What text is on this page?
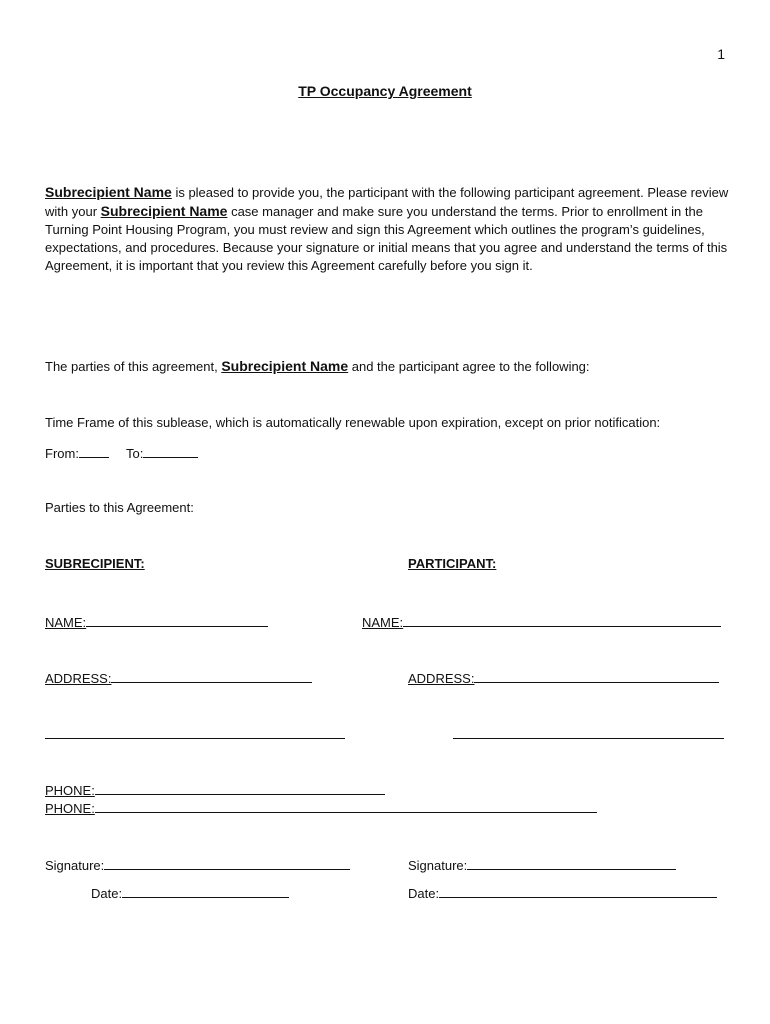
1
TP Occupancy Agreement

Subrecipient Name is pleased to provide you, the participant with the following participant agreement. Please review with your Subrecipient Name case manager and make sure you understand the terms. Prior to enrollment in the Turning Point Housing Program, you must review and sign this Agreement which outlines the program’s guidelines, expectations, and procedures. Because your signature or initial means that you agree and understand the terms of this Agreement, it is important that you review this Agreement carefully before you sign it.

The parties of this agreement, Subrecipient Name and the participant agree to the following:
Time Frame of this sublease, which is automatically renewable upon expiration, except on prior notification:
From:	To:
Parties to this Agreement:
SUBRECIPIENT:	PARTICIPANT:
NAME:	NAME:
ADDRESS:	ADDRESS:
PHONE:
PHONE:
Signature:	Signature:
Date:	Date:
